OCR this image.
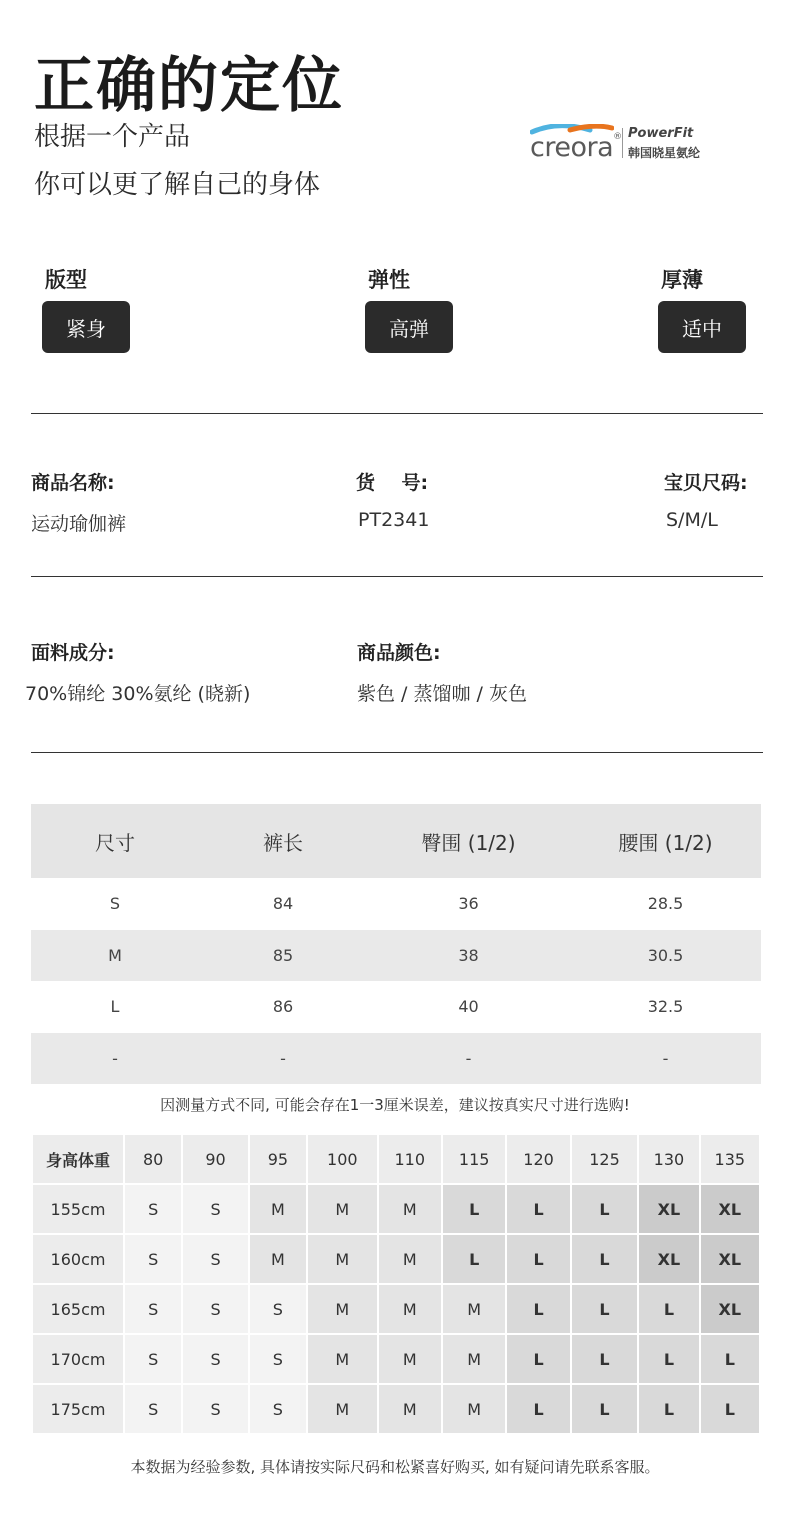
正确的定位
根据一个产品
你可以更了解自己的身体
creora® PowerFit
韩国晓星氨纶
版型
紧身
弹性
高弹
厚薄
适中
商品名称:
运动瑜伽裤
货    号:
PT2341
宝贝尺码:
S/M/L
面料成分:
70%锦纶 30%氨纶 (晓新)
商品颜色:
紫色 / 蒸馏咖 / 灰色
尺寸	裤长	臀围 (1/2)	腰围 (1/2)
S	84	36	28.5
M	85	38	30.5
L	86	40	32.5
-	-	-	-
因测量方式不同, 可能会存在1一3厘米误差，建议按真实尺寸进行选购!
身高体重	80	90	95	100	110	115	120	125	130	135
155cm	S	S	M	M	M	L	L	L	XL	XL
160cm	S	S	M	M	M	L	L	L	XL	XL
165cm	S	S	S	M	M	M	L	L	L	XL
170cm	S	S	S	M	M	M	L	L	L	L
175cm	S	S	S	M	M	M	L	L	L	L
本数据为经验参数, 具体请按实际尺码和松紧喜好购买, 如有疑问请先联系客服。
